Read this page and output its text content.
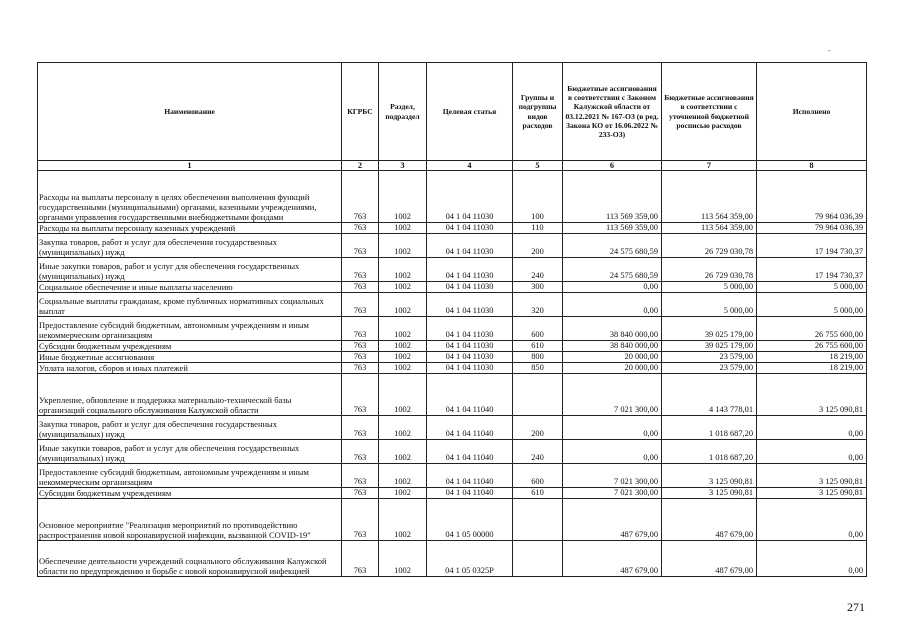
-
Наименование	КГРБС	Раздел, подраздел	Целевая статья	Группы и подгруппы видов расходов	Бюджетные ассигнования в соответствии с Законом Калужской области от 03.12.2021 № 167-ОЗ (в ред. Закона КО от 16.06.2022 № 233-ОЗ)	Бюджетные ассигнования в соответствии с уточненной бюджетной росписью расходов	Исполнено
1	2	3	4	5	6	7	8
Расходы на выплаты персоналу в целях обеспечения выполнения функций государственными (муниципальными) органами, казенными учреждениями, органами управления государственными внебюджетными фондами	763	1002	04 1 04 11030	100	113 569 359,00	113 564 359,00	79 964 036,39
Расходы на выплаты персоналу казенных учреждений	763	1002	04 1 04 11030	110	113 569 359,00	113 564 359,00	79 964 036,39
Закупка товаров, работ и услуг для обеспечения государственных (муниципальных) нужд	763	1002	04 1 04 11030	200	24 575 680,59	26 729 030,78	17 194 730,37
Иные закупки товаров, работ и услуг для обеспечения государственных (муниципальных) нужд	763	1002	04 1 04 11030	240	24 575 680,59	26 729 030,78	17 194 730,37
Социальное обеспечение и иные выплаты населению	763	1002	04 1 04 11030	300	0,00	5 000,00	5 000,00
Социальные выплаты гражданам, кроме публичных нормативных социальных выплат	763	1002	04 1 04 11030	320	0,00	5 000,00	5 000,00
Предоставление субсидий бюджетным, автономным учреждениям и иным некоммерческим организациям	763	1002	04 1 04 11030	600	38 840 000,00	39 025 179,00	26 755 600,00
Субсидии бюджетным учреждениям	763	1002	04 1 04 11030	610	38 840 000,00	39 025 179,00	26 755 600,00
Иные бюджетные ассигнования	763	1002	04 1 04 11030	800	20 000,00	23 579,00	18 219,00
Уплата налогов, сборов и иных платежей	763	1002	04 1 04 11030	850	20 000,00	23 579,00	18 219,00
Укрепление, обновление и поддержка материально-технической базы организаций социального обслуживания Калужской области	763	1002	04 1 04 11040		7 021 300,00	4 143 778,01	3 125 090,81
Закупка товаров, работ и услуг для обеспечения государственных (муниципальных) нужд	763	1002	04 1 04 11040	200	0,00	1 018 687,20	0,00
Иные закупки товаров, работ и услуг для обеспечения государственных (муниципальных) нужд	763	1002	04 1 04 11040	240	0,00	1 018 687,20	0,00
Предоставление субсидий бюджетным, автономным учреждениям и иным некоммерческим организациям	763	1002	04 1 04 11040	600	7 021 300,00	3 125 090,81	3 125 090,81
Субсидии бюджетным учреждениям	763	1002	04 1 04 11040	610	7 021 300,00	3 125 090,81	3 125 090,81
Основное мероприятие "Реализация мероприятий по противодействию распространения новой коронавирусной инфекции, вызванной COVID-19"	763	1002	04 1 05 00000		487 679,00	487 679,00	0,00
Обеспечение деятельности учреждений социального обслуживания Калужской области по предупреждению и борьбе с новой коронавирусной инфекцией	763	1002	04 1 05 0325Р		487 679,00	487 679,00	0,00
271
